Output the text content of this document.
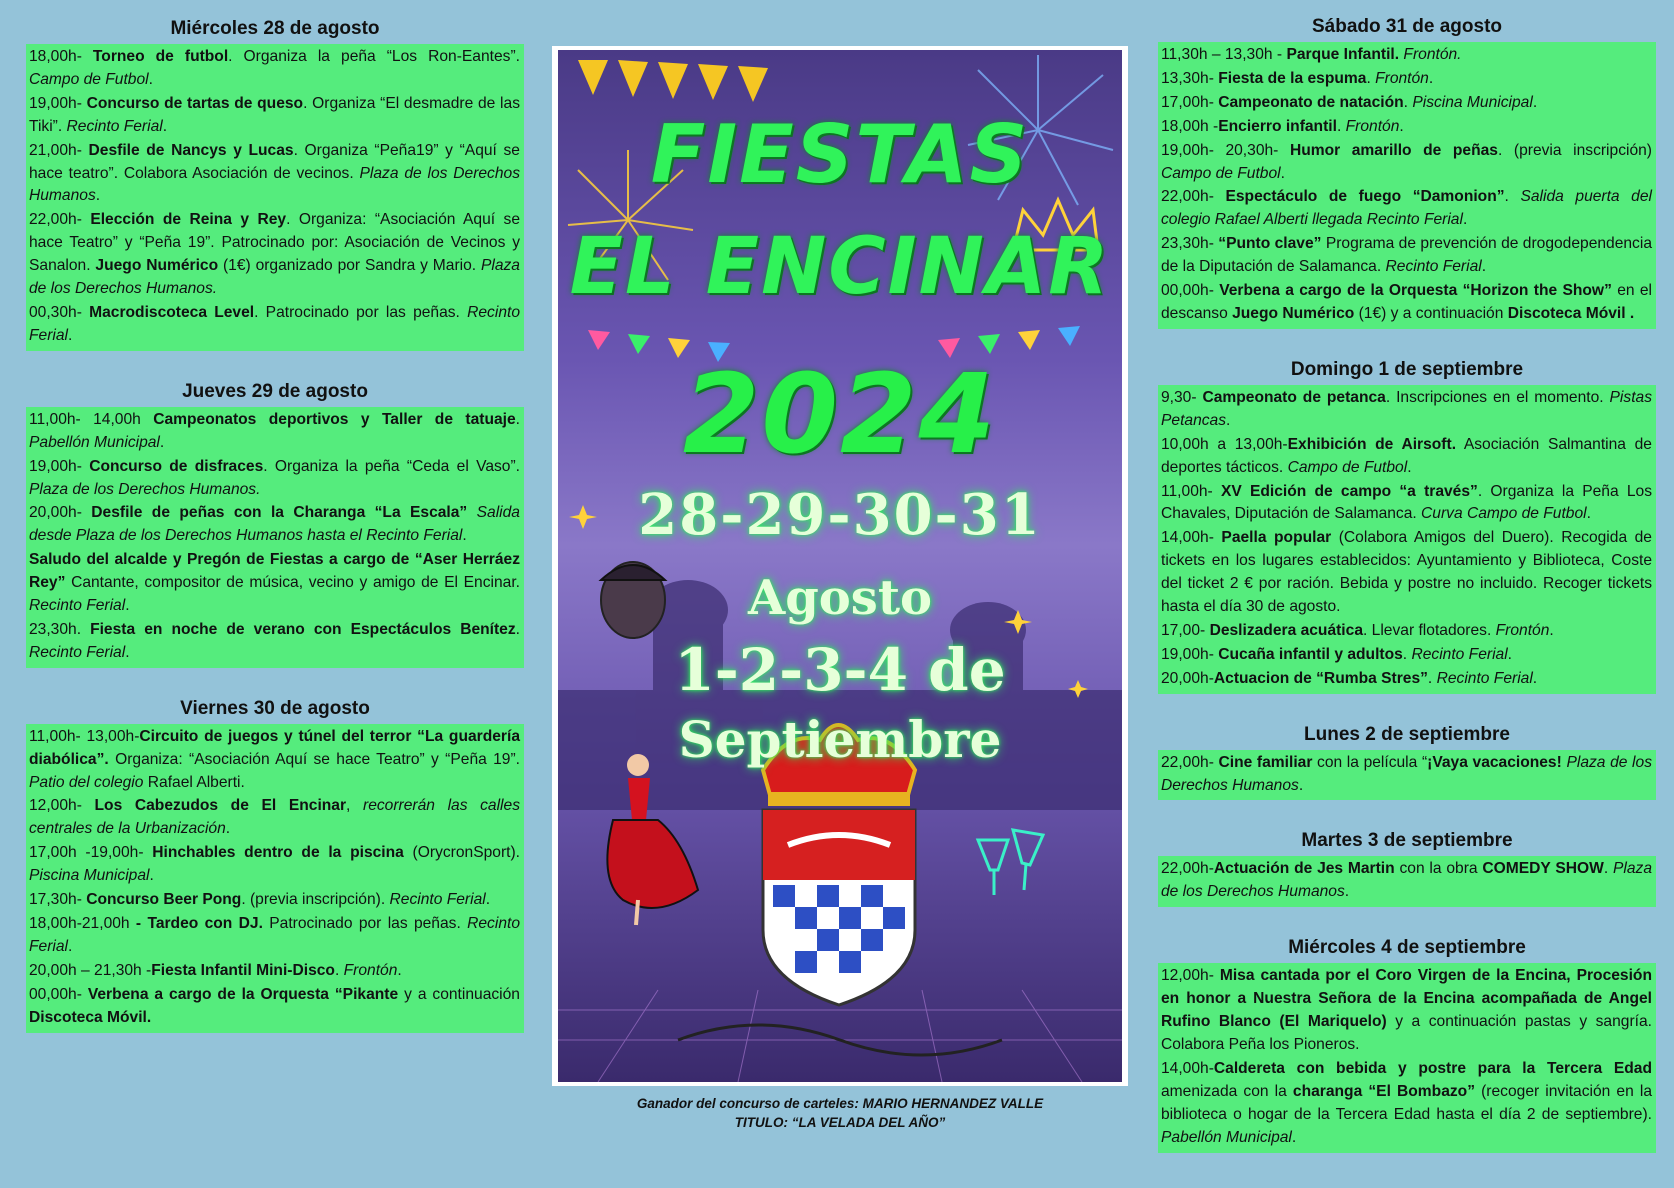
Miércoles 28 de agosto
18,00h- Torneo de futbol. Organiza la peña “Los Ron-Eantes”. Campo de Futbol.
19,00h- Concurso de tartas de queso. Organiza “El desmadre de las Tiki”. Recinto Ferial.
21,00h- Desfile de Nancys y Lucas. Organiza “Peña19” y “Aquí se hace teatro”. Colabora Asociación de vecinos. Plaza de los Derechos Humanos.
22,00h- Elección de Reina y Rey. Organiza: “Asociación Aquí se hace Teatro” y “Peña 19”. Patrocinado por: Asociación de Vecinos y Sanalon. Juego Numérico (1€) organizado por Sandra y Mario. Plaza de los Derechos Humanos.
00,30h- Macrodiscoteca Level. Patrocinado por las peñas. Recinto Ferial.
Jueves 29 de agosto
11,00h- 14,00h Campeonatos deportivos y Taller de tatuaje. Pabellón Municipal.
19,00h- Concurso de disfraces. Organiza la peña “Ceda el Vaso”. Plaza de los Derechos Humanos.
20,00h- Desfile de peñas con la Charanga “La Escala” Salida desde Plaza de los Derechos Humanos hasta el Recinto Ferial.
Saludo del alcalde y Pregón de Fiestas a cargo de “Aser Herráez Rey” Cantante, compositor de música, vecino y amigo de El Encinar. Recinto Ferial.
23,30h. Fiesta en noche de verano con Espectáculos Benítez. Recinto Ferial.
Viernes 30 de agosto
11,00h- 13,00h-Circuito de juegos y túnel del terror “La guardería diabólica”. Organiza: “Asociación Aquí se hace Teatro” y “Peña 19”. Patio del colegio Rafael Alberti.
12,00h- Los Cabezudos de El Encinar, recorrerán las calles centrales de la Urbanización.
17,00h -19,00h- Hinchables dentro de la piscina (OrycronSport). Piscina Municipal.
17,30h- Concurso Beer Pong. (previa inscripción). Recinto Ferial.
18,00h-21,00h - Tardeo con DJ. Patrocinado por las peñas. Recinto Ferial.
20,00h – 21,30h -Fiesta Infantil Mini-Disco. Frontón.
00,00h- Verbena a cargo de la Orquesta “Pikante y a continuación Discoteca Móvil.
Sábado 31 de agosto
11,30h – 13,30h - Parque Infantil. Frontón.
13,30h- Fiesta de la espuma. Frontón.
17,00h- Campeonato de natación. Piscina Municipal.
18,00h -Encierro infantil. Frontón.
19,00h- 20,30h- Humor amarillo de peñas. (previa inscripción) Campo de Futbol.
22,00h- Espectáculo de fuego “Damonion”. Salida puerta del colegio Rafael Alberti llegada Recinto Ferial.
23,30h- “Punto clave” Programa de prevención de drogodependencia de la Diputación de Salamanca. Recinto Ferial.
00,00h- Verbena a cargo de la Orquesta “Horizon the Show” en el descanso Juego Numérico (1€) y a continuación Discoteca Móvil .
Domingo 1 de septiembre
9,30- Campeonato de petanca. Inscripciones en el momento. Pistas Petancas.
10,00h a 13,00h-Exhibición de Airsoft. Asociación Salmantina de deportes tácticos. Campo de Futbol.
11,00h- XV Edición de campo “a través”. Organiza la Peña Los Chavales, Diputación de Salamanca. Curva Campo de Futbol.
14,00h- Paella popular (Colabora Amigos del Duero). Recogida de tickets en los lugares establecidos: Ayuntamiento y Biblioteca, Coste del ticket 2 € por ración. Bebida y postre no incluido. Recoger tickets hasta el día 30 de agosto.
17,00- Deslizadera acuática. Llevar flotadores. Frontón.
19,00h- Cucaña infantil y adultos. Recinto Ferial.
20,00h-Actuacion de “Rumba Stres”. Recinto Ferial.
Lunes 2 de septiembre
22,00h- Cine familiar con la película “¡Vaya vacaciones! Plaza de los Derechos Humanos.
Martes 3 de septiembre
22,00h-Actuación de Jes Martin con la obra COMEDY SHOW. Plaza de los Derechos Humanos.
Miércoles 4 de septiembre
12,00h- Misa cantada por el Coro Virgen de la Encina, Procesión en honor a Nuestra Señora de la Encina acompañada de Angel Rufino Blanco (El Mariquelo) y a continuación pastas y sangría. Colabora Peña los Pioneros.
14,00h-Caldereta con bebida y postre para la Tercera Edad amenizada con la charanga “El Bombazo” (recoger invitación en la biblioteca o hogar de la Tercera Edad hasta el día 2 de septiembre). Pabellón Municipal.
FIESTAS
EL ENCINAR
2024
28-29-30-31
Agosto
1-2-3-4 de
Septiembre
Ganador del concurso de carteles: MARIO HERNANDEZ VALLE
TITULO: “LA VELADA DEL AÑO”
